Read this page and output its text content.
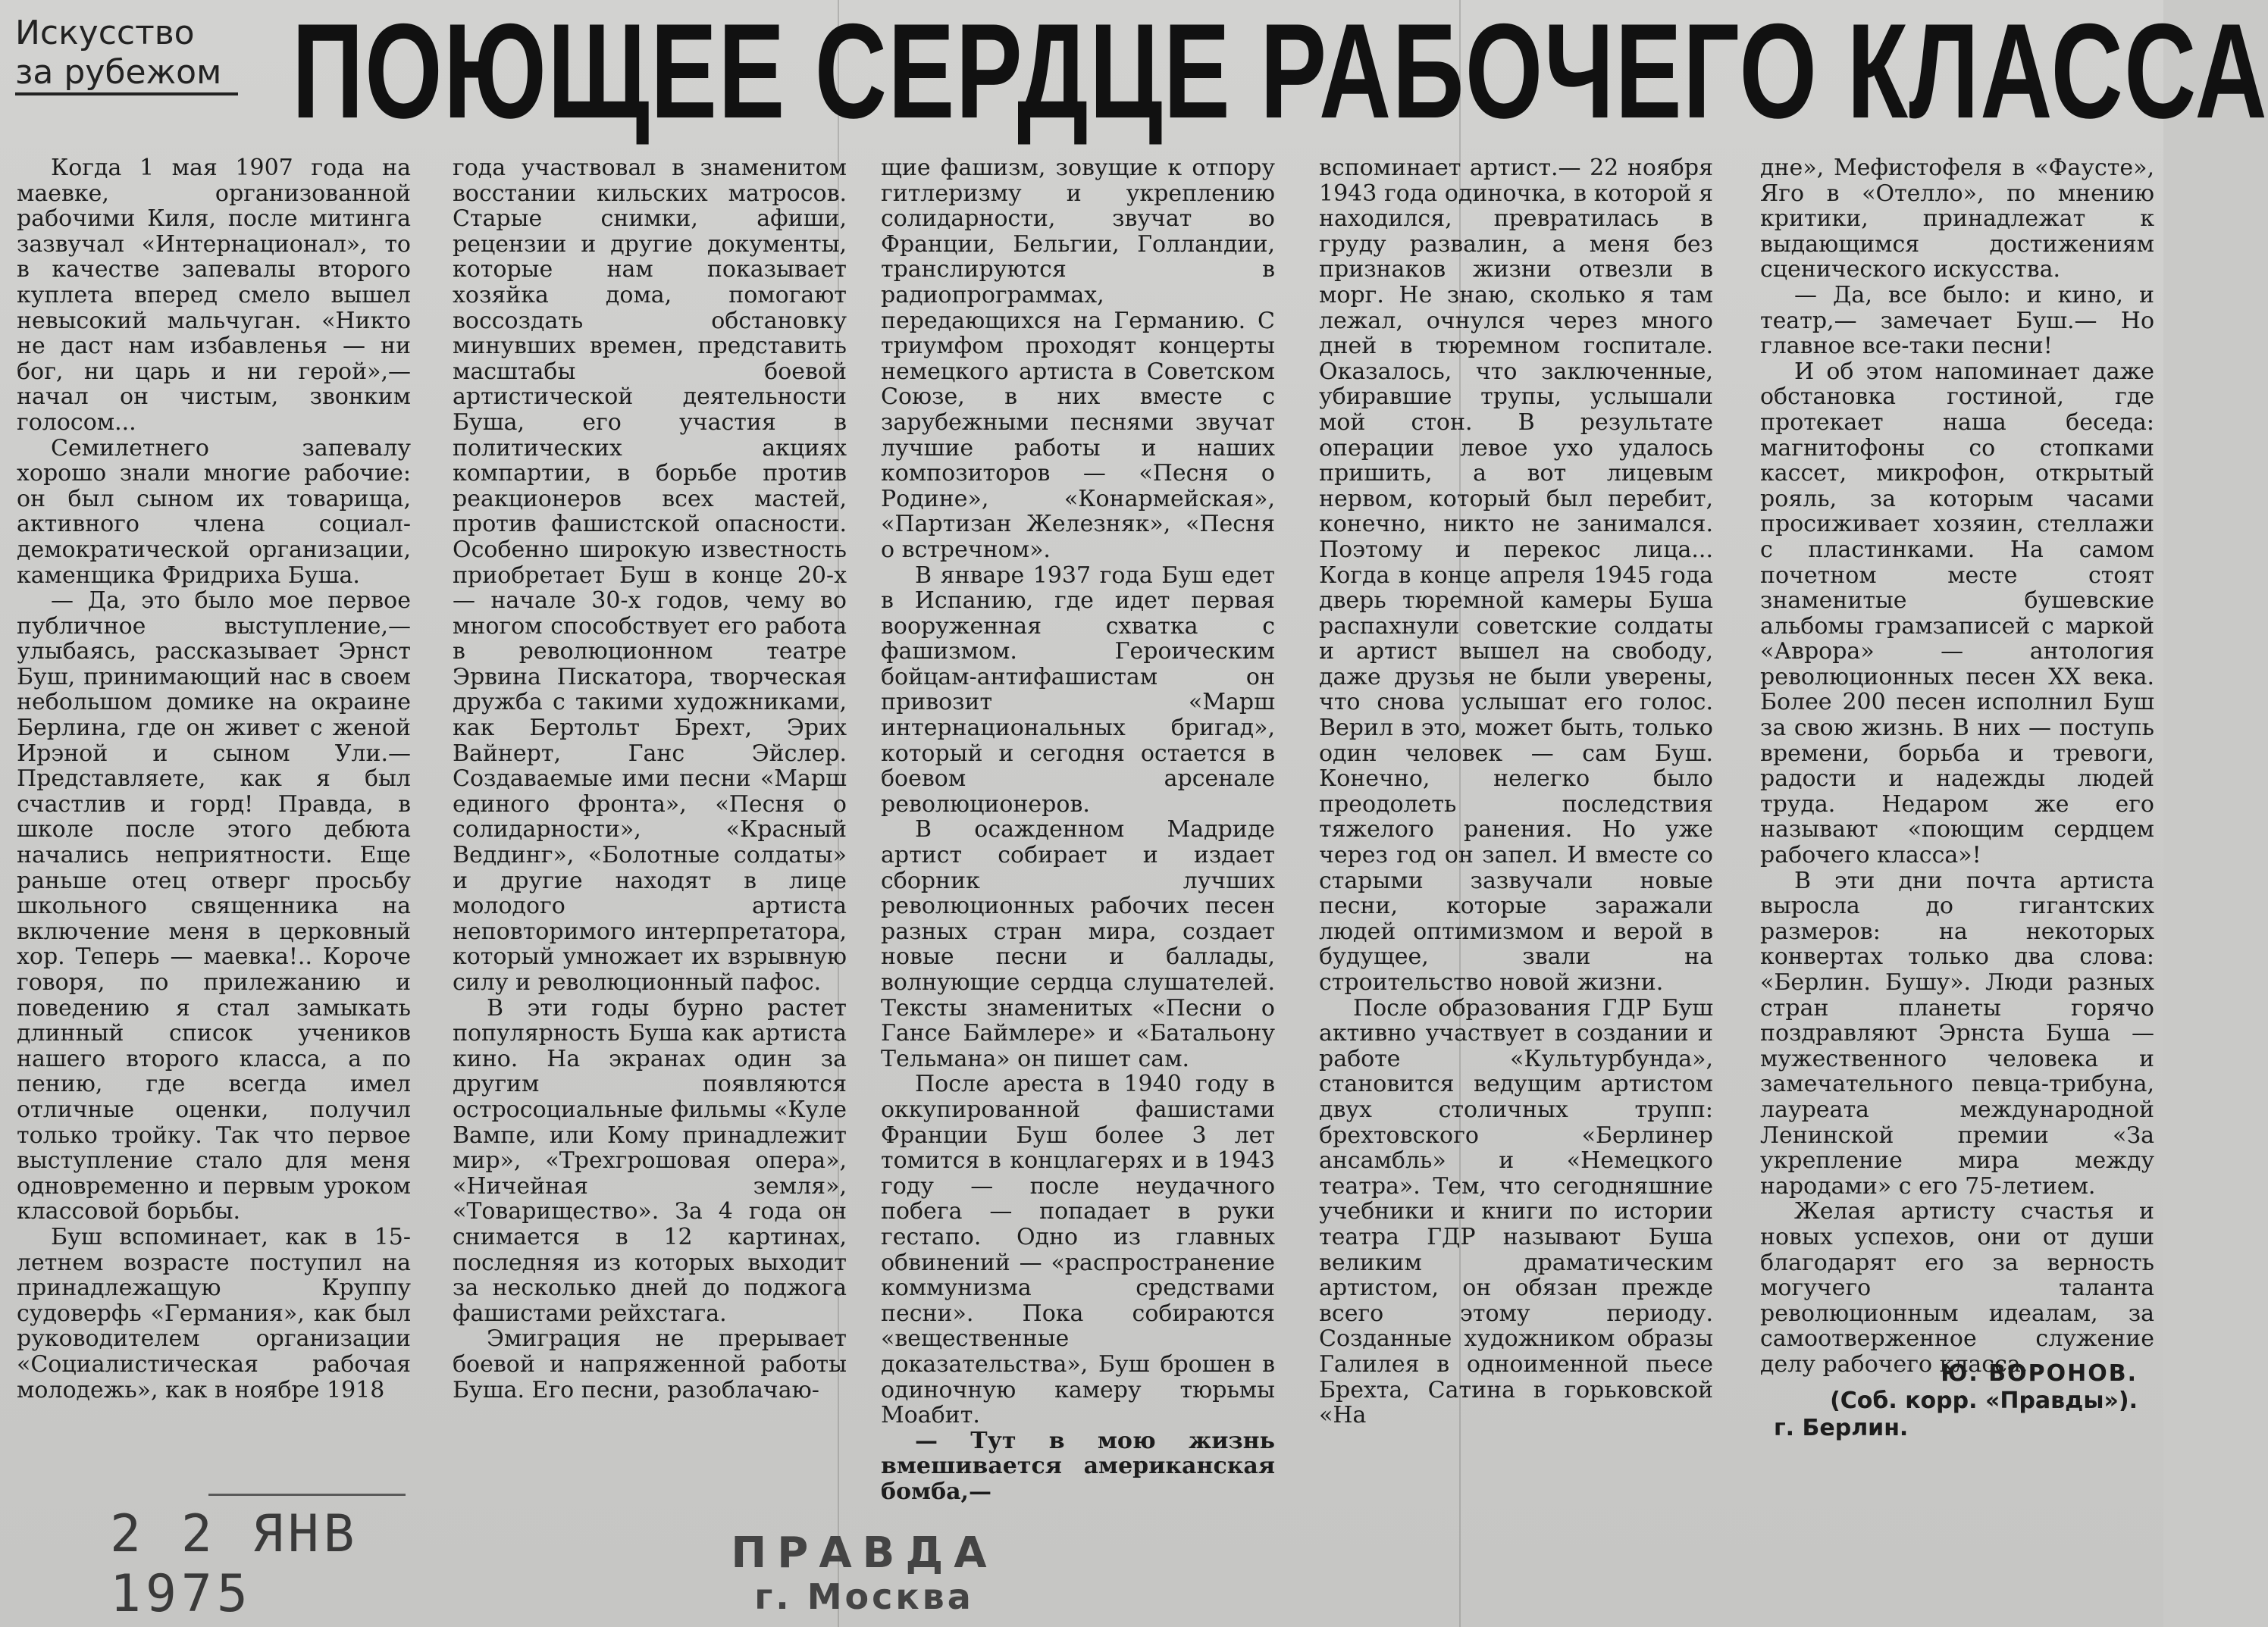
Искусство
за рубежом ПОЮЩЕЕ СЕРДЦЕ РАБОЧЕГО КЛАССА

Когда 1 мая 1907 года на маевке, организованной рабочими Киля, после митинга зазвучал «Интернационал», то в качестве запевалы второго куплета вперед смело вышел невысокий мальчуган. «Никто не даст нам избавленья — ни бог, ни царь и ни герой»,— начал он чистым, звонким голосом...

Семилетнего запевалу хорошо знали многие рабочие: он был сыном их товарища, активного члена социал-демократической организации, каменщика Фридриха Буша.

— Да, это было мое первое публичное выступление,— улыбаясь, рассказывает Эрнст Буш, принимающий нас в своем небольшом домике на окраине Берлина, где он живет с женой Ирэной и сыном Ули.— Представляете, как я был счастлив и горд! Правда, в школе после этого дебюта начались неприятности. Еще раньше отец отверг просьбу школьного священника на включение меня в церковный хор. Теперь — маевка!.. Короче говоря, по прилежанию и поведению я стал замыкать длинный список учеников нашего второго класса, а по пению, где всегда имел отличные оценки, получил только тройку. Так что первое выступление стало для меня одновременно и первым уроком классовой борьбы.

Буш вспоминает, как в 15-летнем возрасте поступил на принадлежащую Круппу судоверфь «Германия», как был руководителем организации «Социалистическая рабочая молодежь», как в ноябре 1918

года участвовал в знаменитом восстании кильских матросов. Старые снимки, афиши, рецензии и другие документы, которые нам показывает хозяйка дома, помогают воссоздать обстановку минувших времен, представить масштабы боевой артистической деятельности Буша, его участия в политических акциях компартии, в борьбе против реакционеров всех мастей, против фашистской опасности. Особенно широкую известность приобретает Буш в конце 20-х — начале 30-х годов, чему во многом способствует его работа в революционном театре Эрвина Пискатора, творческая дружба с такими художниками, как Бертольт Брехт, Эрих Вайнерт, Ганс Эйслер. Создаваемые ими песни «Марш единого фронта», «Песня о солидарности», «Красный Веддинг», «Болотные солдаты» и другие находят в лице молодого артиста неповторимого интерпретатора, который умножает их взрывную силу и революционный пафос.

В эти годы бурно растет популярность Буша как артиста кино. На экранах один за другим появляются остросоциальные фильмы «Куле Вампе, или Кому принадлежит мир», «Трехгрошовая опера», «Ничейная земля», «Товарищество». За 4 года он снимается в 12 картинах, последняя из которых выходит за несколько дней до поджога фашистами рейхстага.

Эмиграция не прерывает боевой и напряженной работы Буша. Его песни, разоблачаю-

щие фашизм, зовущие к отпору гитлеризму и укреплению солидарности, звучат во Франции, Бельгии, Голландии, транслируются в радиопрограммах, передающихся на Германию. С триумфом проходят концерты немецкого артиста в Советском Союзе, в них вместе с зарубежными песнями звучат лучшие работы и наших композиторов — «Песня о Родине», «Конармейская», «Партизан Железняк», «Песня о встречном».

В январе 1937 года Буш едет в Испанию, где идет первая вооруженная схватка с фашизмом. Героическим бойцам-антифашистам он привозит «Марш интернациональных бригад», который и сегодня остается в боевом арсенале революционеров.

В осажденном Мадриде артист собирает и издает сборник лучших революционных рабочих песен разных стран мира, создает новые песни и баллады, волнующие сердца слушателей. Тексты знаменитых «Песни о Гансе Баймлере» и «Батальону Тельмана» он пишет сам.

После ареста в 1940 году в оккупированной фашистами Франции Буш более 3 лет томится в концлагерях и в 1943 году — после неудачного побега — попадает в руки гестапо. Одно из главных обвинений — «распространение коммунизма средствами песни». Пока собираются «вещественные доказательства», Буш брошен в одиночную камеру тюрьмы Моабит.

— Тут в мою жизнь вмешивается американская бомба,—

вспоминает артист.— 22 ноября 1943 года одиночка, в которой я находился, превратилась в груду развалин, а меня без признаков жизни отвезли в морг. Не знаю, сколько я там лежал, очнулся через много дней в тюремном госпитале. Оказалось, что заключенные, убиравшие трупы, услышали мой стон. В результате операции левое ухо удалось пришить, а вот лицевым нервом, который был перебит, конечно, никто не занимался. Поэтому и перекос лица... Когда в конце апреля 1945 года дверь тюремной камеры Буша распахнули советские солдаты и артист вышел на свободу, даже друзья не были уверены, что снова услышат его голос. Верил в это, может быть, только один человек — сам Буш. Конечно, нелегко было преодолеть последствия тяжелого ранения. Но уже через год он запел. И вместе со старыми зазвучали новые песни, которые заражали людей оптимизмом и верой в будущее, звали на строительство новой жизни.

После образования ГДР Буш активно участвует в создании и работе «Культурбунда», становится ведущим артистом двух столичных трупп: брехтовского «Берлинер ансамбль» и «Немецкого театра». Тем, что сегодняшние учебники и книги по истории театра ГДР называют Буша великим драматическим артистом, он обязан прежде всего этому периоду. Созданные художником образы Галилея в одноименной пьесе Брехта, Сатина в горьковской «На

дне», Мефистофеля в «Фаусте», Яго в «Отелло», по мнению критики, принадлежат к выдающимся достижениям сценического искусства.

— Да, все было: и кино, и театр,— замечает Буш.— Но главное все-таки песни!

И об этом напоминает даже обстановка гостиной, где протекает наша беседа: магнитофоны со стопками кассет, микрофон, открытый рояль, за которым часами просиживает хозяин, стеллажи с пластинками. На самом почетном месте стоят знаменитые бушевские альбомы грамзаписей с маркой «Аврора» — антология революционных песен XX века. Более 200 песен исполнил Буш за свою жизнь. В них — поступь времени, борьба и тревоги, радости и надежды людей труда. Недаром же его называют «поющим сердцем рабочего класса»!

В эти дни почта артиста выросла до гигантских размеров: на некоторых конвертах только два слова: «Берлин. Бушу». Люди разных стран планеты горячо поздравляют Эрнста Буша — мужественного человека и замечательного певца-трибуна, лауреата международной Ленинской премии «За укрепление мира между народами» с его 75-летием.

Желая артисту счастья и новых успехов, они от души благодарят его за верность могучего таланта революционным идеалам, за самоотверженное служение делу рабочего класса.

Ю. ВОРОНОВ.
(Соб. корр. «Правды»).
г. Берлин.
2 2 ЯНВ 1975
ПРАВДА
г. Москва
